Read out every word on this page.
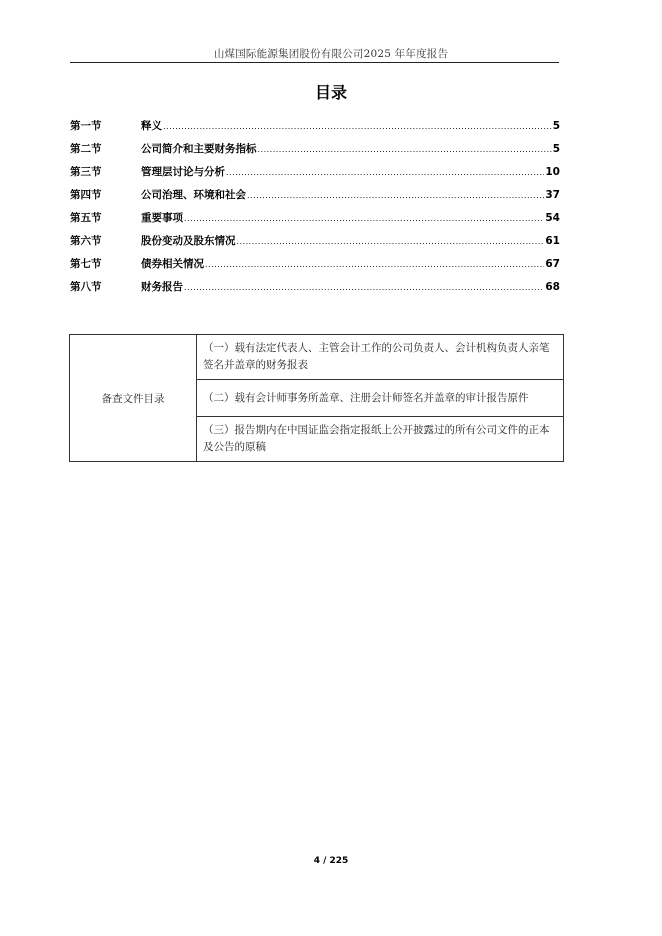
山煤国际能源集团股份有限公司2025 年年度报告
目录
第一节	释义 .....	5
第二节	公司简介和主要财务指标 .....	5
第三节	管理层讨论与分析 .....	10
第四节	公司治理、环境和社会 .....	37
第五节	重要事项 .....	54
第六节	股份变动及股东情况 .....	61
第七节	债券相关情况 .....	67
第八节	财务报告 .....	68
备查文件目录	（一）载有法定代表人、主管会计工作的公司负责人、会计机构负责人亲笔签名并盖章的财务报表
（二）载有会计师事务所盖章、注册会计师签名并盖章的审计报告原件
（三）报告期内在中国证监会指定报纸上公开披露过的所有公司文件的正本及公告的原稿
4 / 225
